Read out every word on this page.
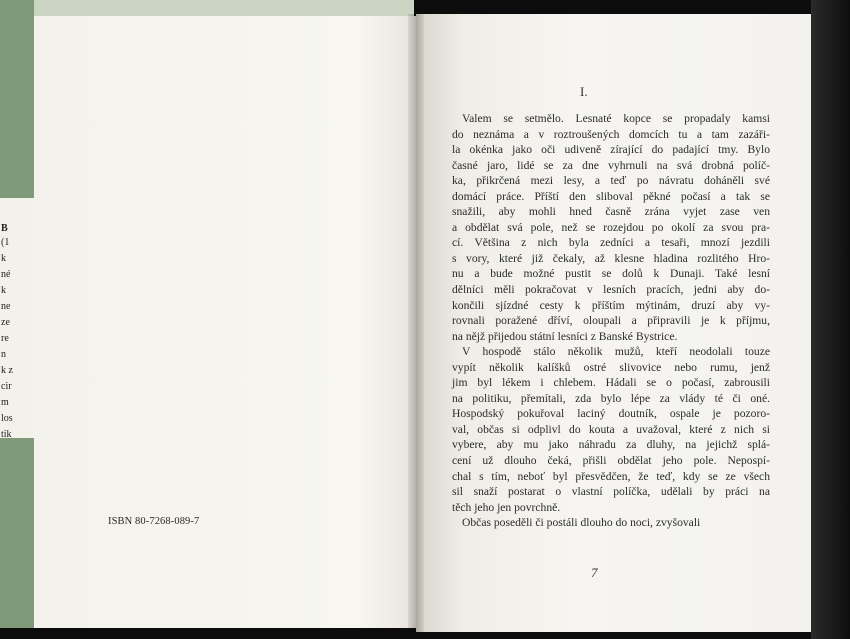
B
(1
k
né
k
ne
ze
re
n
k z
cir
m
los
tik
ISBN 80-7268-089-7
I.
Valem se setmělo. Lesnaté kopce se propadaly kamsi
do neznáma a v roztroušených domcích tu a tam zazáři-
la okénka jako oči udiveně zírající do padající tmy. Bylo
časné jaro, lidé se za dne vyhrnuli na svá drobná políč-
ka, přikrčená mezi lesy, a teď po návratu doháněli své
domácí práce. Příští den sliboval pěkné počasí a tak se
snažili, aby mohli hned časně zrána vyjet zase ven
a obdělat svá pole, než se rozejdou po okolí za svou pra-
cí. Většina z nich byla zedníci a tesaři, mnozí jezdili
s vory, které již čekaly, až klesne hladina rozlitého Hro-
nu a bude možné pustit se dolů k Dunaji. Také lesní
dělníci měli pokračovat v lesních pracích, jedni aby do-
končili sjízdné cesty k příštím mýtinám, druzí aby vy-
rovnali poražené dříví, oloupali a připravili je k příjmu,
na nějž přijedou státní lesníci z Banské Bystrice.
V hospodě stálo několik mužů, kteří neodolali touze
vypít několik kalíšků ostré slivovice nebo rumu, jenž
jim byl lékem i chlebem. Hádali se o počasí, zabrousili
na politiku, přemítali, zda bylo lépe za vlády té či oné.
Hospodský pokuřoval laciný doutník, ospale je pozoro-
val, občas si odplivl do kouta a uvažoval, které z nich si
vybere, aby mu jako náhradu za dluhy, na jejichž splá-
cení už dlouho čeká, přišli obdělat jeho pole. Nepospí-
chal s tím, neboť byl přesvědčen, že teď, kdy se ze všech
sil snaží postarat o vlastní políčka, udělali by práci na
těch jeho jen povrchně.
Občas poseděli či postáli dlouho do noci, zvyšovali
7
